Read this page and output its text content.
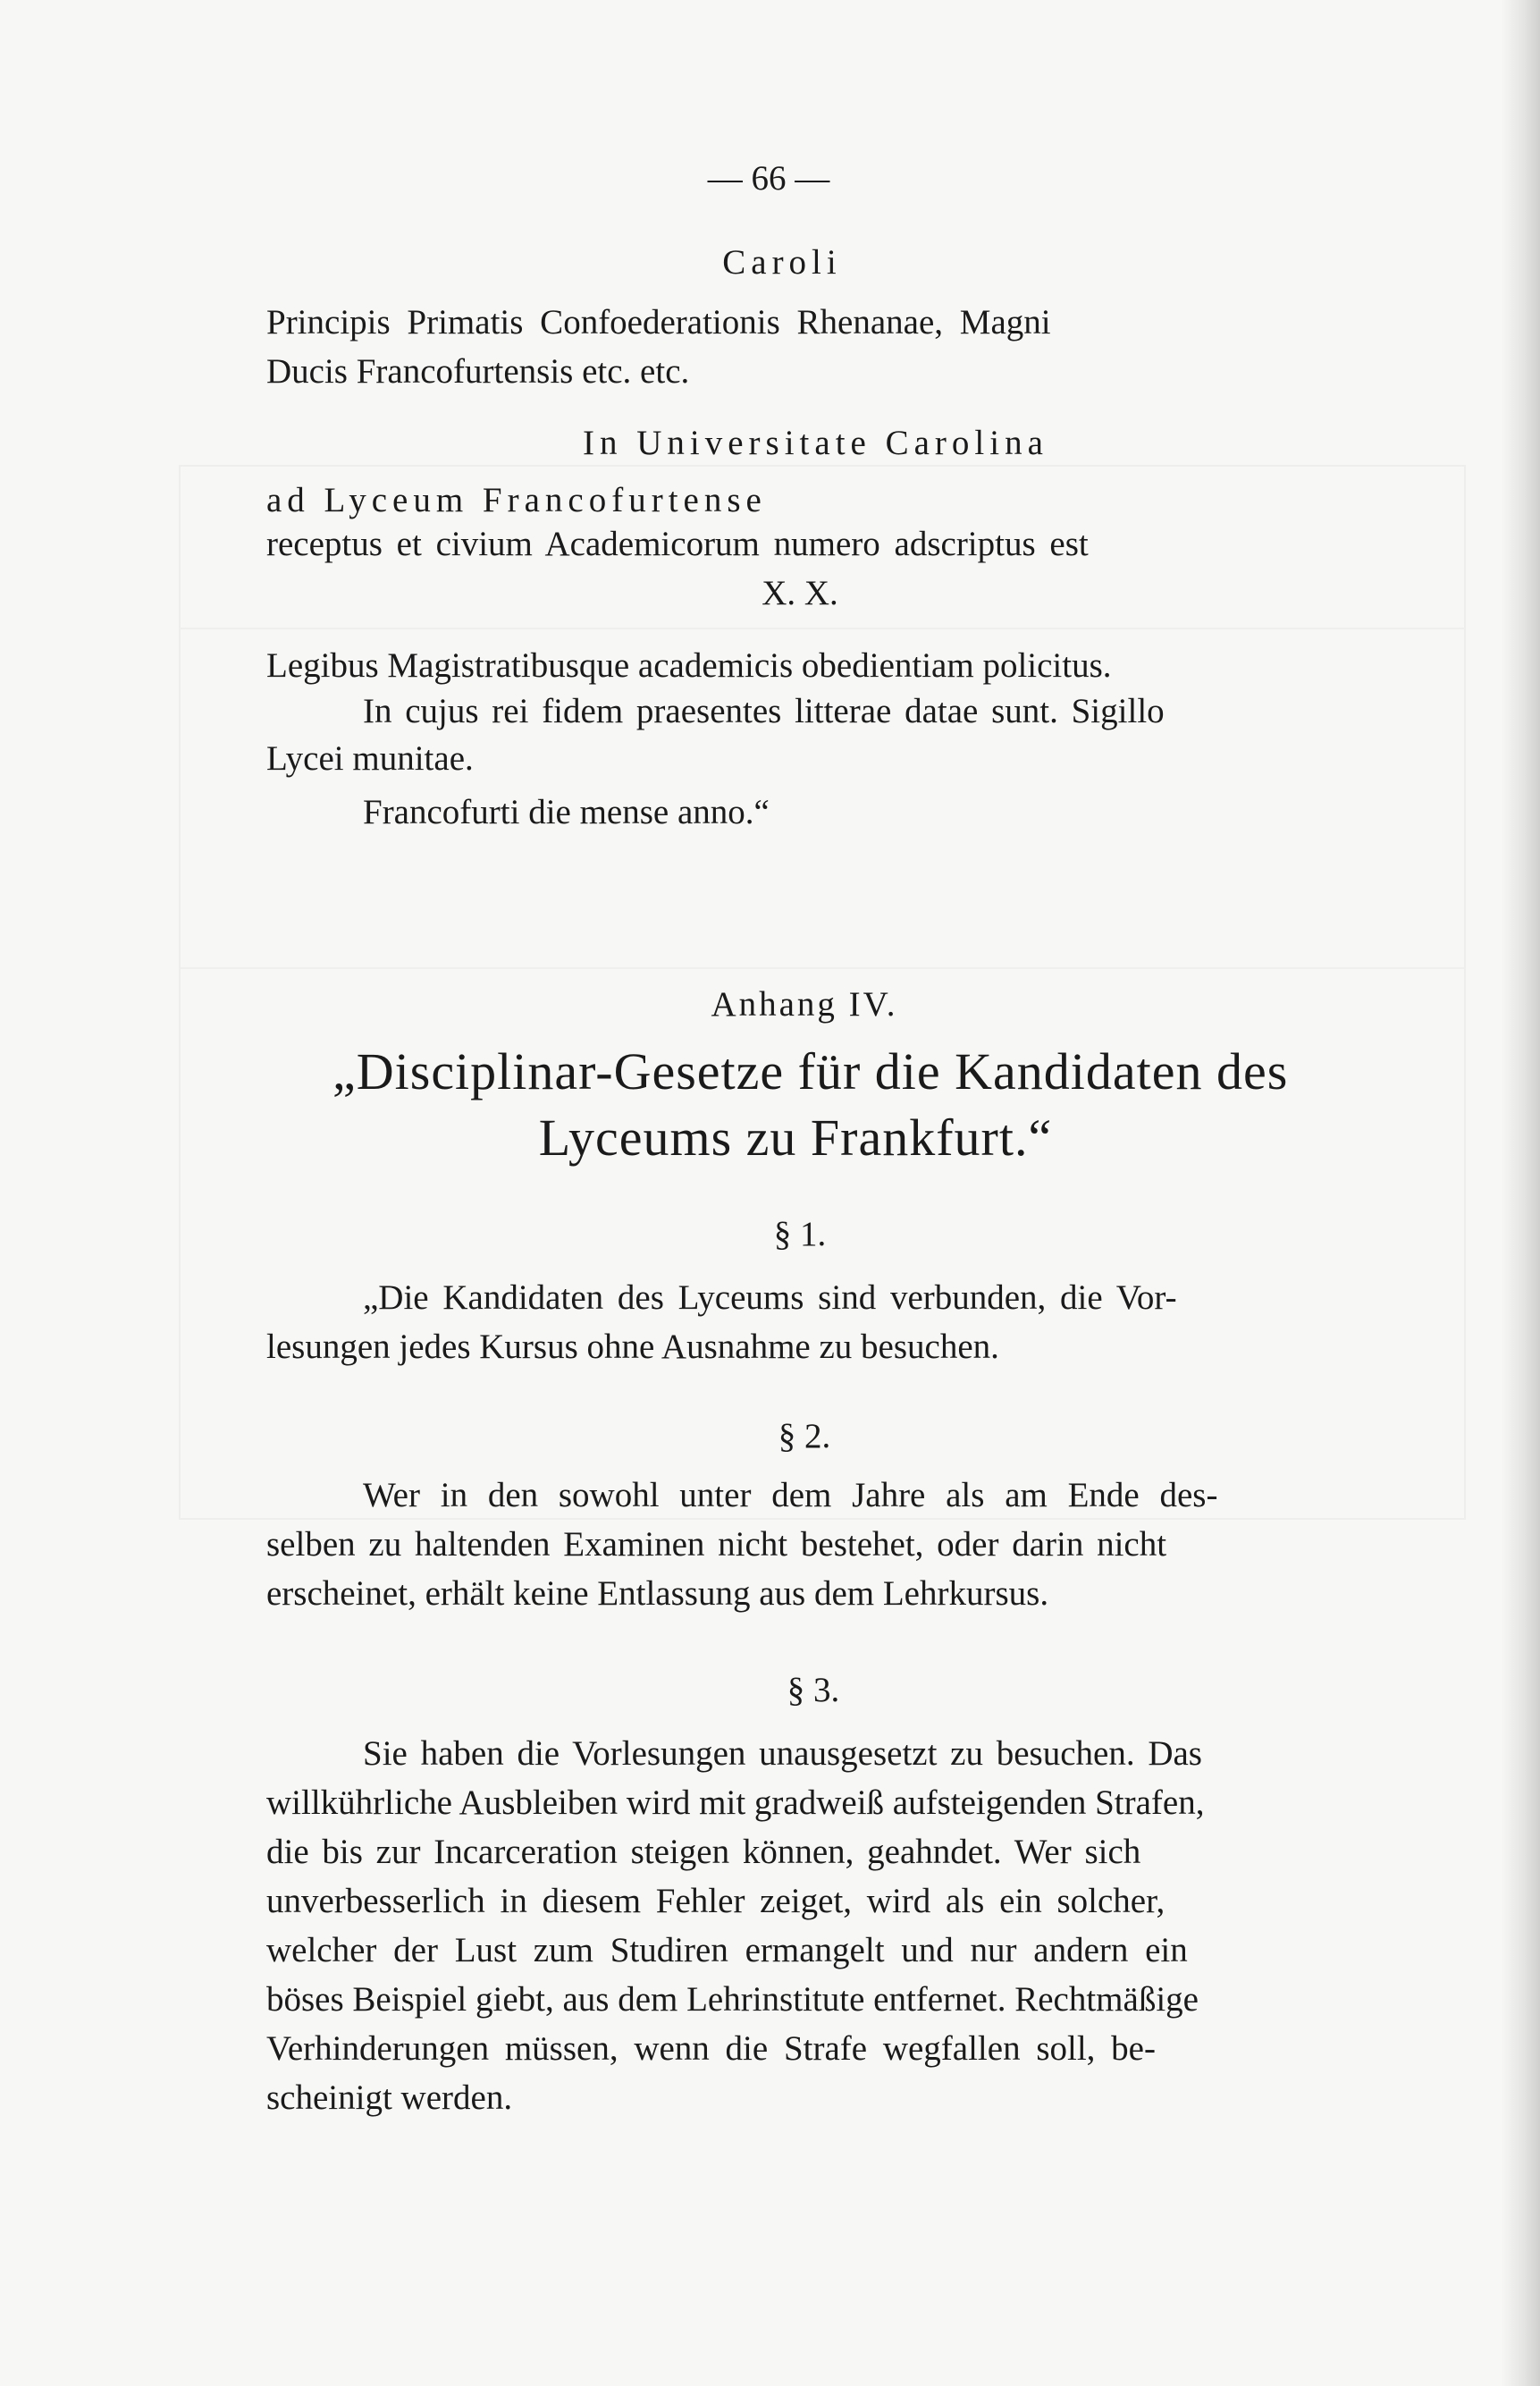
— 66 —
Caroli
Principis Primatis Confoederationis Rhenanae, Magni
Ducis Francofurtensis etc. etc.
In Universitate Carolina
ad Lyceum Francofurtense
receptus et civium Academicorum numero adscriptus est
X. X.
Legibus Magistratibusque academicis obedientiam policitus.
In cujus rei fidem praesentes litterae datae sunt. Sigillo
Lycei munitae.
Francofurti die mense anno.“
Anhang IV.
„Disciplinar-Gesetze für die Kandidaten des
Lyceums zu Frankfurt.“
§ 1.
„Die Kandidaten des Lyceums sind verbunden, die Vor-
lesungen jedes Kursus ohne Ausnahme zu besuchen.
§ 2.
Wer in den sowohl unter dem Jahre als am Ende des-
selben zu haltenden Examinen nicht bestehet, oder darin nicht
erscheinet, erhält keine Entlassung aus dem Lehrkursus.
§ 3.
Sie haben die Vorlesungen unausgesetzt zu besuchen. Das
willkührliche Ausbleiben wird mit gradweiß aufsteigenden Strafen,
die bis zur Incarceration steigen können, geahndet. Wer sich
unverbesserlich in diesem Fehler zeiget, wird als ein solcher,
welcher der Lust zum Studiren ermangelt und nur andern ein
böses Beispiel giebt, aus dem Lehrinstitute entfernet. Rechtmäßige
Verhinderungen müssen, wenn die Strafe wegfallen soll, be-
scheinigt werden.
